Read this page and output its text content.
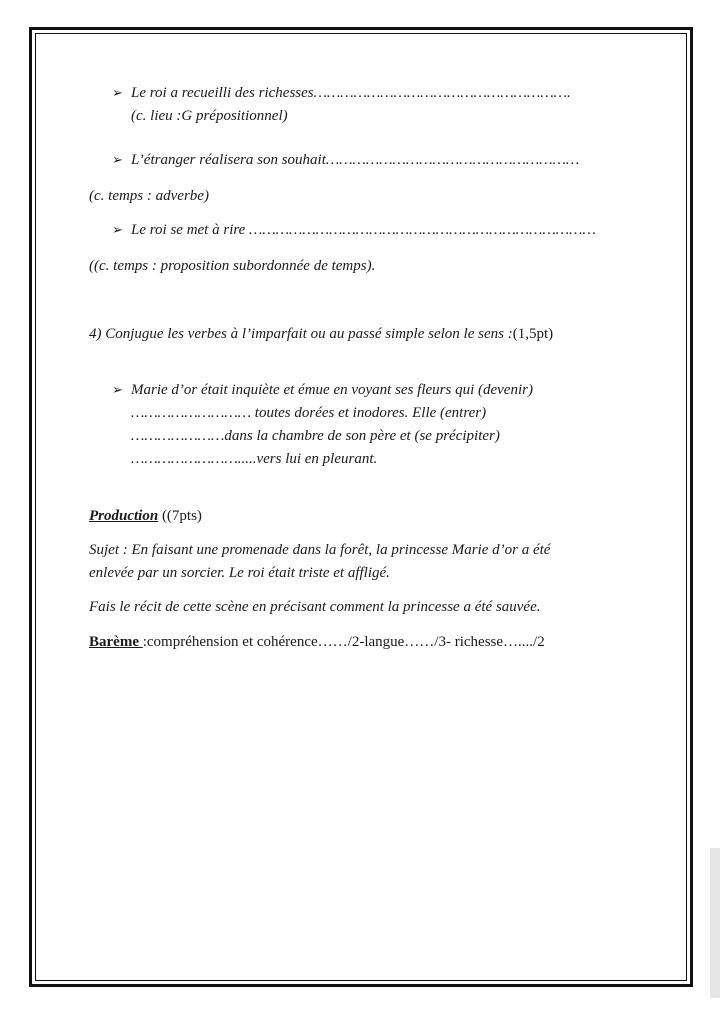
➢ Le roi a recueilli des richesses………………………………………………….
(c. lieu :G prépositionnel)
➢ L’étranger réalisera son souhait…………………………………………………
(c. temps : adverbe)
➢ Le roi se met à rire ……………………………………………………………………
((c. temps : proposition subordonnée de temps).
4) Conjugue les verbes à l’imparfait ou au passé simple selon le sens :(1,5pt)
➢ Marie d’or était inquiète et émue en voyant ses fleurs qui (devenir)
……………………… toutes dorées et inodores. Elle (entrer)
…………………dans la chambre de son père et (se précipiter)
…………………….....vers lui en pleurant.
Production ((7pts)
Sujet : En faisant une promenade dans la forêt, la princesse Marie d’or a été
enlevée par un sorcier. Le roi était triste et affligé.
Fais le récit de cette scène en précisant comment la princesse a été sauvée.
Barème :compréhension et cohérence……/2-langue……/3- richesse…..../2
